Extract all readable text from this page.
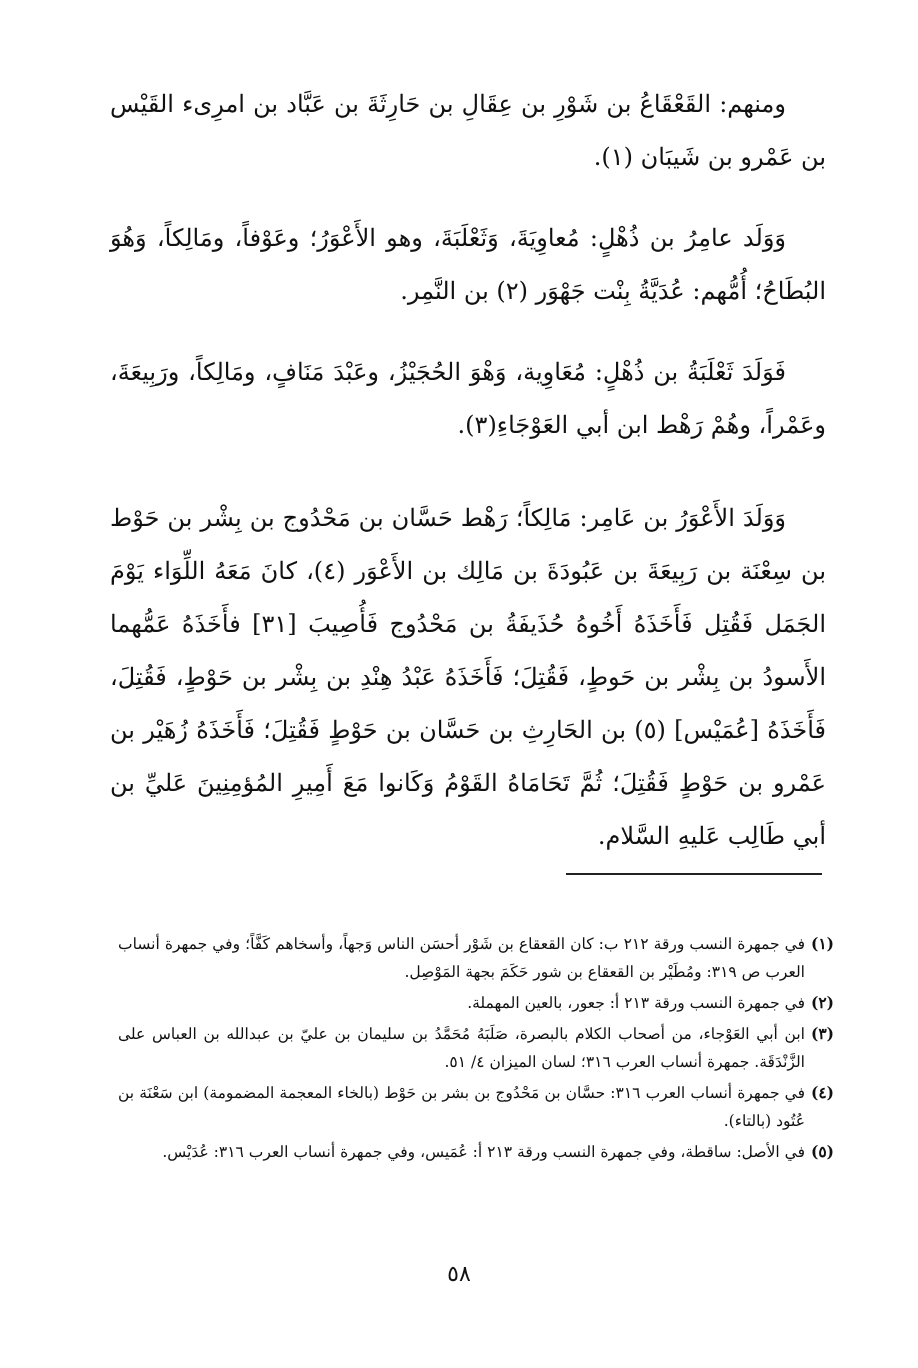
ومنهم: القَعْقَاعُ بن شَوْرِ بن عِقَالِ بن حَارِثَةَ بن عَبَّاد بن امرِىء القَيْس بن عَمْرو بن شَيبَان (١).

وَوَلَد عامِرُ بن ذُهْلٍ: مُعاوِيَةَ، وَثَعْلَبَةَ، وهو الأَعْوَرُ؛ وعَوْفاً، ومَالِكاً، وَهُوَ البُطَاحُ؛ أُمُّهم: عُدَيَّةُ بِنْت جَهْوَر (٢) بن النَّمِر.

فَوَلَدَ ثَعْلَبَةُ بن ذُهْلٍ: مُعَاوِية، وَهْوَ الحُجَيْزُ، وعَبْدَ مَنَافٍ، ومَالِكاً، ورَبِيعَةَ، وعَمْراً، وهُمْ رَهْط ابن أبي العَوْجَاءِ(٣).

وَوَلَدَ الأَعْوَرُ بن عَامِر: مَالِكاً؛ رَهْط حَسَّان بن مَحْدُوج بن بِشْر بن حَوْط بن سِعْنَة بن رَبِيعَةَ بن عَبُودَةَ بن مَالِك بن الأَعْوَر (٤)، كانَ مَعَهُ اللِّوَاء يَوْمَ الجَمَل فَقُتِل فَأَخَذَهُ أَخُوهُ حُذَيفَةُ بن مَحْدُوج فَأُصِيبَ [٣١] فأَخَذَهُ عَمُّهما الأَسودُ بن بِشْر بن حَوطٍ، فَقُتِلَ؛ فَأَخَذَهُ عَبْدُ هِنْدِ بن بِشْر بن حَوْطٍ، فَقُتِلَ، فَأَخَذَهُ [عُمَيْس] (٥) بن الحَارِثِ بن حَسَّان بن حَوْطٍ فَقُتِلَ؛ فَأَخَذَهُ زُهَيْر بن عَمْرو بن حَوْطٍ فَقُتِلَ؛ ثُمَّ تَحَامَاهُ القَوْمُ وَكَانوا مَعَ أَمِيرِ المُؤمِنِينَ عَليِّ بن أبي طَالِب عَليهِ السَّلام.

(١)
في جمهرة النسب ورقة ٢١٢ ب: كان القعقاع بن شَوْر أحسَن الناس وَجهاً، وأسخاهم كَفَّاً؛ وفي جمهرة أنساب العرب ص ٣١٩: ومُطَيْر بن القعقاع بن شور حَكَمَ بجهة المَوْصِل.
(٢)
في جمهرة النسب ورقة ٢١٣ أ: جعور، بالعين المهملة.
(٣)
ابن أبي العَوْجاء، من أصحاب الكلام بالبصرة، صَلَبَهُ مُحَمَّدُ بن سليمان بن عليّ بن عبدالله بن العباس على الزَّنْدَقَة. جمهرة أنساب العرب ٣١٦؛ لسان الميزان ٤/ ٥١.
(٤)
في جمهرة أنساب العرب ٣١٦: حسَّان بن مَحْدُوج بن بشر بن حَوْط (بالخاء المعجمة المضمومة) ابن سَعْنَة بن عُتُود (بالتاء).
(٥)
في الأصل: ساقطة، وفي جمهرة النسب ورقة ٢١٣ أ: عُمَيس، وفي جمهرة أنساب العرب ٣١٦: عُدَيْس.
٥٨
